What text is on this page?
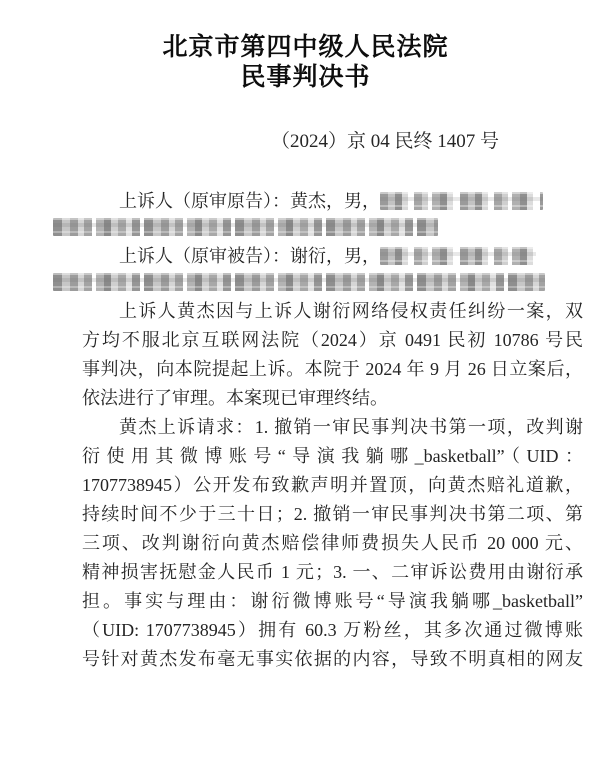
北京市第四中级人民法院
民事判决书
（2024）京 04 民终 1407 号
上诉人（原审原告）：黄杰，男，
上诉人（原审被告）：谢衍，男，
上诉人黄杰因与上诉人谢衍网络侵权责任纠纷一案，双
方均不服北京互联网法院（2024）京 0491 民初 10786 号民
事判决，向本院提起上诉。本院于 2024 年 9 月 26 日立案后，
依法进行了审理。本案现已审理终结。
黄杰上诉请求：1. 撤销一审民事判决书第一项，改判谢
衍使用其微博账号“导演我躺哪_basketball”（UID：
1707738945）公开发布致歉声明并置顶，向黄杰赔礼道歉，
持续时间不少于三十日；2. 撤销一审民事判决书第二项、第
三项、改判谢衍向黄杰赔偿律师费损失人民币 20 000 元、
精神损害抚慰金人民币 1 元；3. 一、二审诉讼费用由谢衍承
担。事实与理由：谢衍微博账号“导演我躺哪_basketball”
（UID: 1707738945）拥有 60.3 万粉丝，其多次通过微博账
号针对黄杰发布毫无事实依据的内容，导致不明真相的网友
